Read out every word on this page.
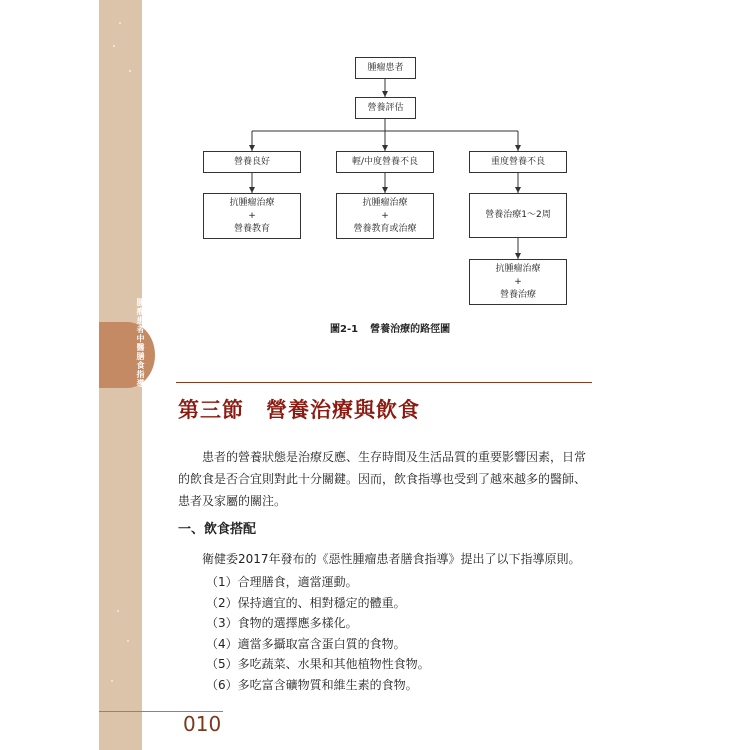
腫瘤患者中醫膳食指導
腫瘤患者
營養評估
營養良好	輕/中度營養不良	重度營養不良
抗腫瘤治療
+
營養教育
抗腫瘤治療
+
營養教育或治療
營養治療1～2周
抗腫瘤治療
+
營養治療
圖2-1 營養治療的路徑圖
第三節 營養治療與飲食

患者的營養狀態是治療反應、生存時間及生活品質的重要影響因素，日常的飲食是否合宜則對此十分關鍵。因而，飲食指導也受到了越來越多的醫師、患者及家屬的關注。

一、飲食搭配
衛健委2017年發布的《惡性腫瘤患者膳食指導》提出了以下指導原則。
（1）合理膳食，適當運動。
（2）保持適宜的、相對穩定的體重。
（3）食物的選擇應多樣化。
（4）適當多攝取富含蛋白質的食物。
（5）多吃蔬菜、水果和其他植物性食物。
（6）多吃富含礦物質和維生素的食物。
010
